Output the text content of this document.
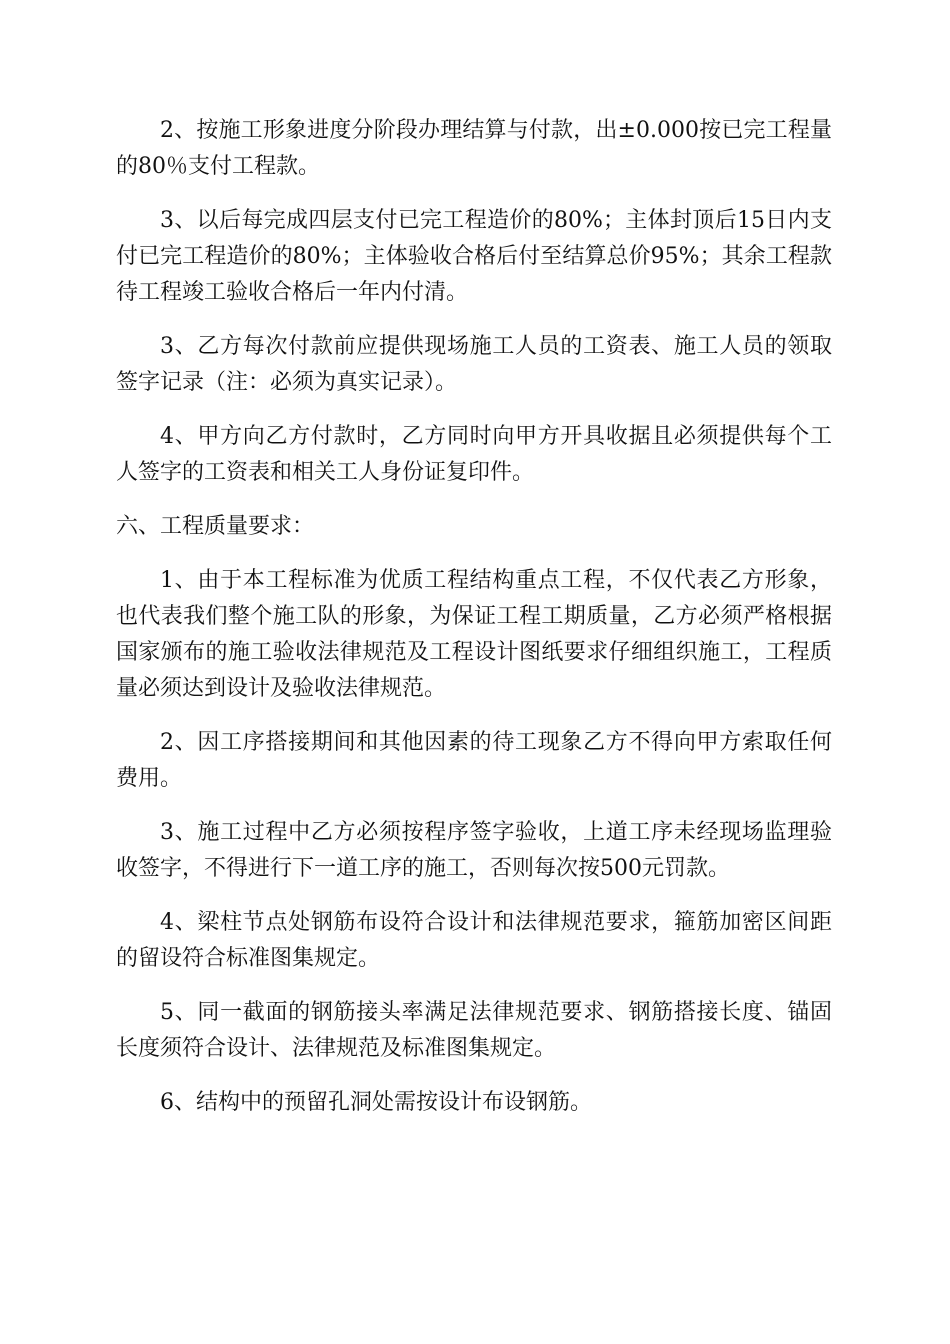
2、按施工形象进度分阶段办理结算与付款，出±0.000按已完工程量的80％支付工程款。

3、以后每完成四层支付已完工程造价的80%；主体封顶后15日内支付已完工程造价的80%；主体验收合格后付至结算总价95%；其余工程款待工程竣工验收合格后一年内付清。

3、乙方每次付款前应提供现场施工人员的工资表、施工人员的领取签字记录（注：必须为真实记录）。

4、甲方向乙方付款时，乙方同时向甲方开具收据且必须提供每个工人签字的工资表和相关工人身份证复印件。

六、工程质量要求：

1、由于本工程标准为优质工程结构重点工程，不仅代表乙方形象，也代表我们整个施工队的形象，为保证工程工期质量，乙方必须严格根据国家颁布的施工验收法律规范及工程设计图纸要求仔细组织施工，工程质量必须达到设计及验收法律规范。

2、因工序搭接期间和其他因素的待工现象乙方不得向甲方索取任何费用。

3、施工过程中乙方必须按程序签字验收，上道工序未经现场监理验收签字，不得进行下一道工序的施工，否则每次按500元罚款。

4、梁柱节点处钢筋布设符合设计和法律规范要求，箍筋加密区间距的留设符合标准图集规定。

5、同一截面的钢筋接头率满足法律规范要求、钢筋搭接长度、锚固长度须符合设计、法律规范及标准图集规定。

6、结构中的预留孔洞处需按设计布设钢筋。
